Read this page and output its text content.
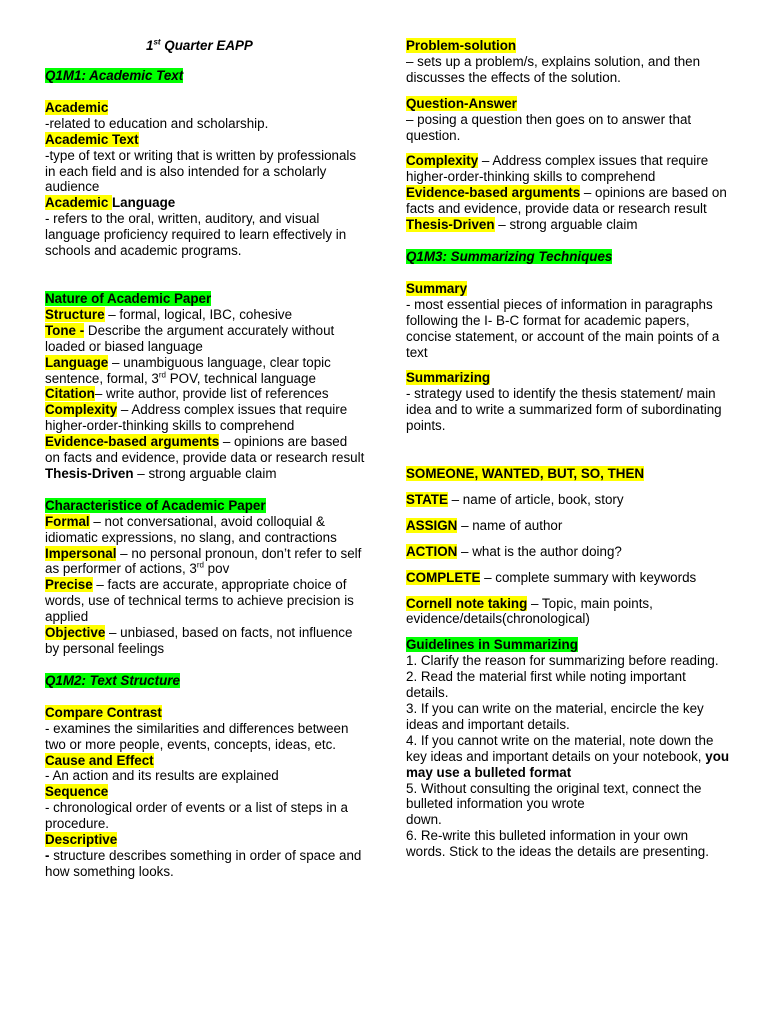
1st Quarter EAPP

Q1M1: Academic Text

Academic
-related to education and scholarship.

Academic Text
-type of text or writing that is written by professionals in each field and is also intended for a scholarly audience

Academic Language
- refers to the oral, written, auditory, and visual language proficiency required to learn effectively in schools and academic programs.

Nature of Academic Paper

Structure – formal, logical, IBC, cohesive

Tone - Describe the argument accurately without loaded or biased language

Language – unambiguous language, clear topic sentence, formal, 3rd POV, technical language

Citation– write author, provide list of references

Complexity – Address complex issues that require higher-order-thinking skills to comprehend

Evidence-based arguments – opinions are based on facts and evidence, provide data or research result

Thesis-Driven – strong arguable claim

Characteristice of Academic Paper

Formal – not conversational, avoid colloquial & idiomatic expressions, no slang, and contractions

Impersonal – no personal pronoun, don’t refer to self as performer of actions, 3rd pov

Precise – facts are accurate, appropriate choice of words, use of technical terms to achieve precision is applied

Objective – unbiased, based on facts, not influence by personal feelings

Q1M2: Text Structure

Compare Contrast
- examines the similarities and differences between two or more people, events, concepts, ideas, etc.

Cause and Effect
- An action and its results are explained

Sequence
- chronological order of events or a list of steps in a procedure.

Descriptive
- structure describes something in order of space and how something looks.

Problem-solution
– sets up a problem/s, explains solution, and then discusses the effects of the solution.

Question-Answer
– posing a question then goes on to answer that question.

Complexity – Address complex issues that require higher-order-thinking skills to comprehend

Evidence-based arguments – opinions are based on facts and evidence, provide data or research result

Thesis-Driven – strong arguable claim

Q1M3: Summarizing Techniques

Summary
- most essential pieces of information in paragraphs following the I- B-C format for academic papers, concise statement, or account of the main points of a text

Summarizing
- strategy used to identify the thesis statement/ main idea and to write a summarized form of subordinating points.

SOMEONE, WANTED, BUT, SO, THEN

STATE – name of article, book, story

ASSIGN – name of author

ACTION – what is the author doing?

COMPLETE – complete summary with keywords

Cornell note taking – Topic, main points, evidence/details(chronological)

Guidelines in Summarizing

1. Clarify the reason for summarizing before reading.

2. Read the material first while noting important details.

3. If you can write on the material, encircle the key ideas and important details.

4. If you cannot write on the material, note down the key ideas and important details on your notebook, you may use a bulleted format

5. Without consulting the original text, connect the bulleted information you wrote
down.

6. Re-write this bulleted information in your own words. Stick to the ideas the details are presenting.
